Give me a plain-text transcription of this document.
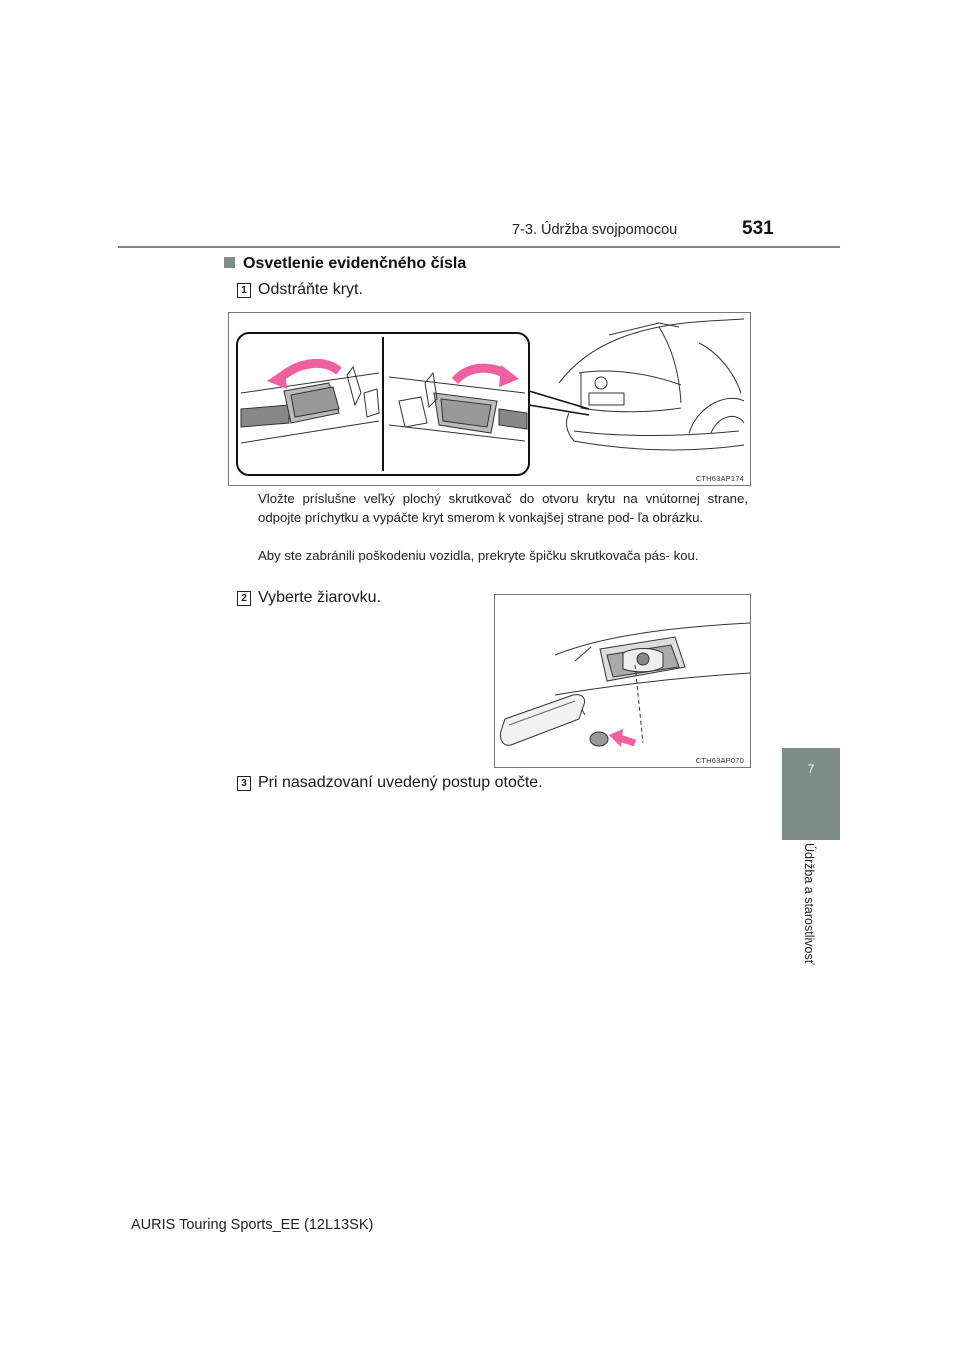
7-3. Údržba svojpomocou	531
7
Údržba a starostlivosť
Osvetlenie evidenčného čísla
1 Odstráňte kryt.
CTH63AP174
Vložte príslušne veľký plochý skrutkovač do otvoru krytu na vnútornej strane, odpojte príchytku a vypáčte kryt smerom k vonkajšej strane pod- ľa obrázku.
Aby ste zabránili poškodeniu vozidla, prekryte špičku skrutkovača pás- kou.
2 Vyberte žiarovku.
CTH63AP070
3 Pri nasadzovaní uvedený postup otočte.
AURIS Touring Sports_EE (12L13SK)
